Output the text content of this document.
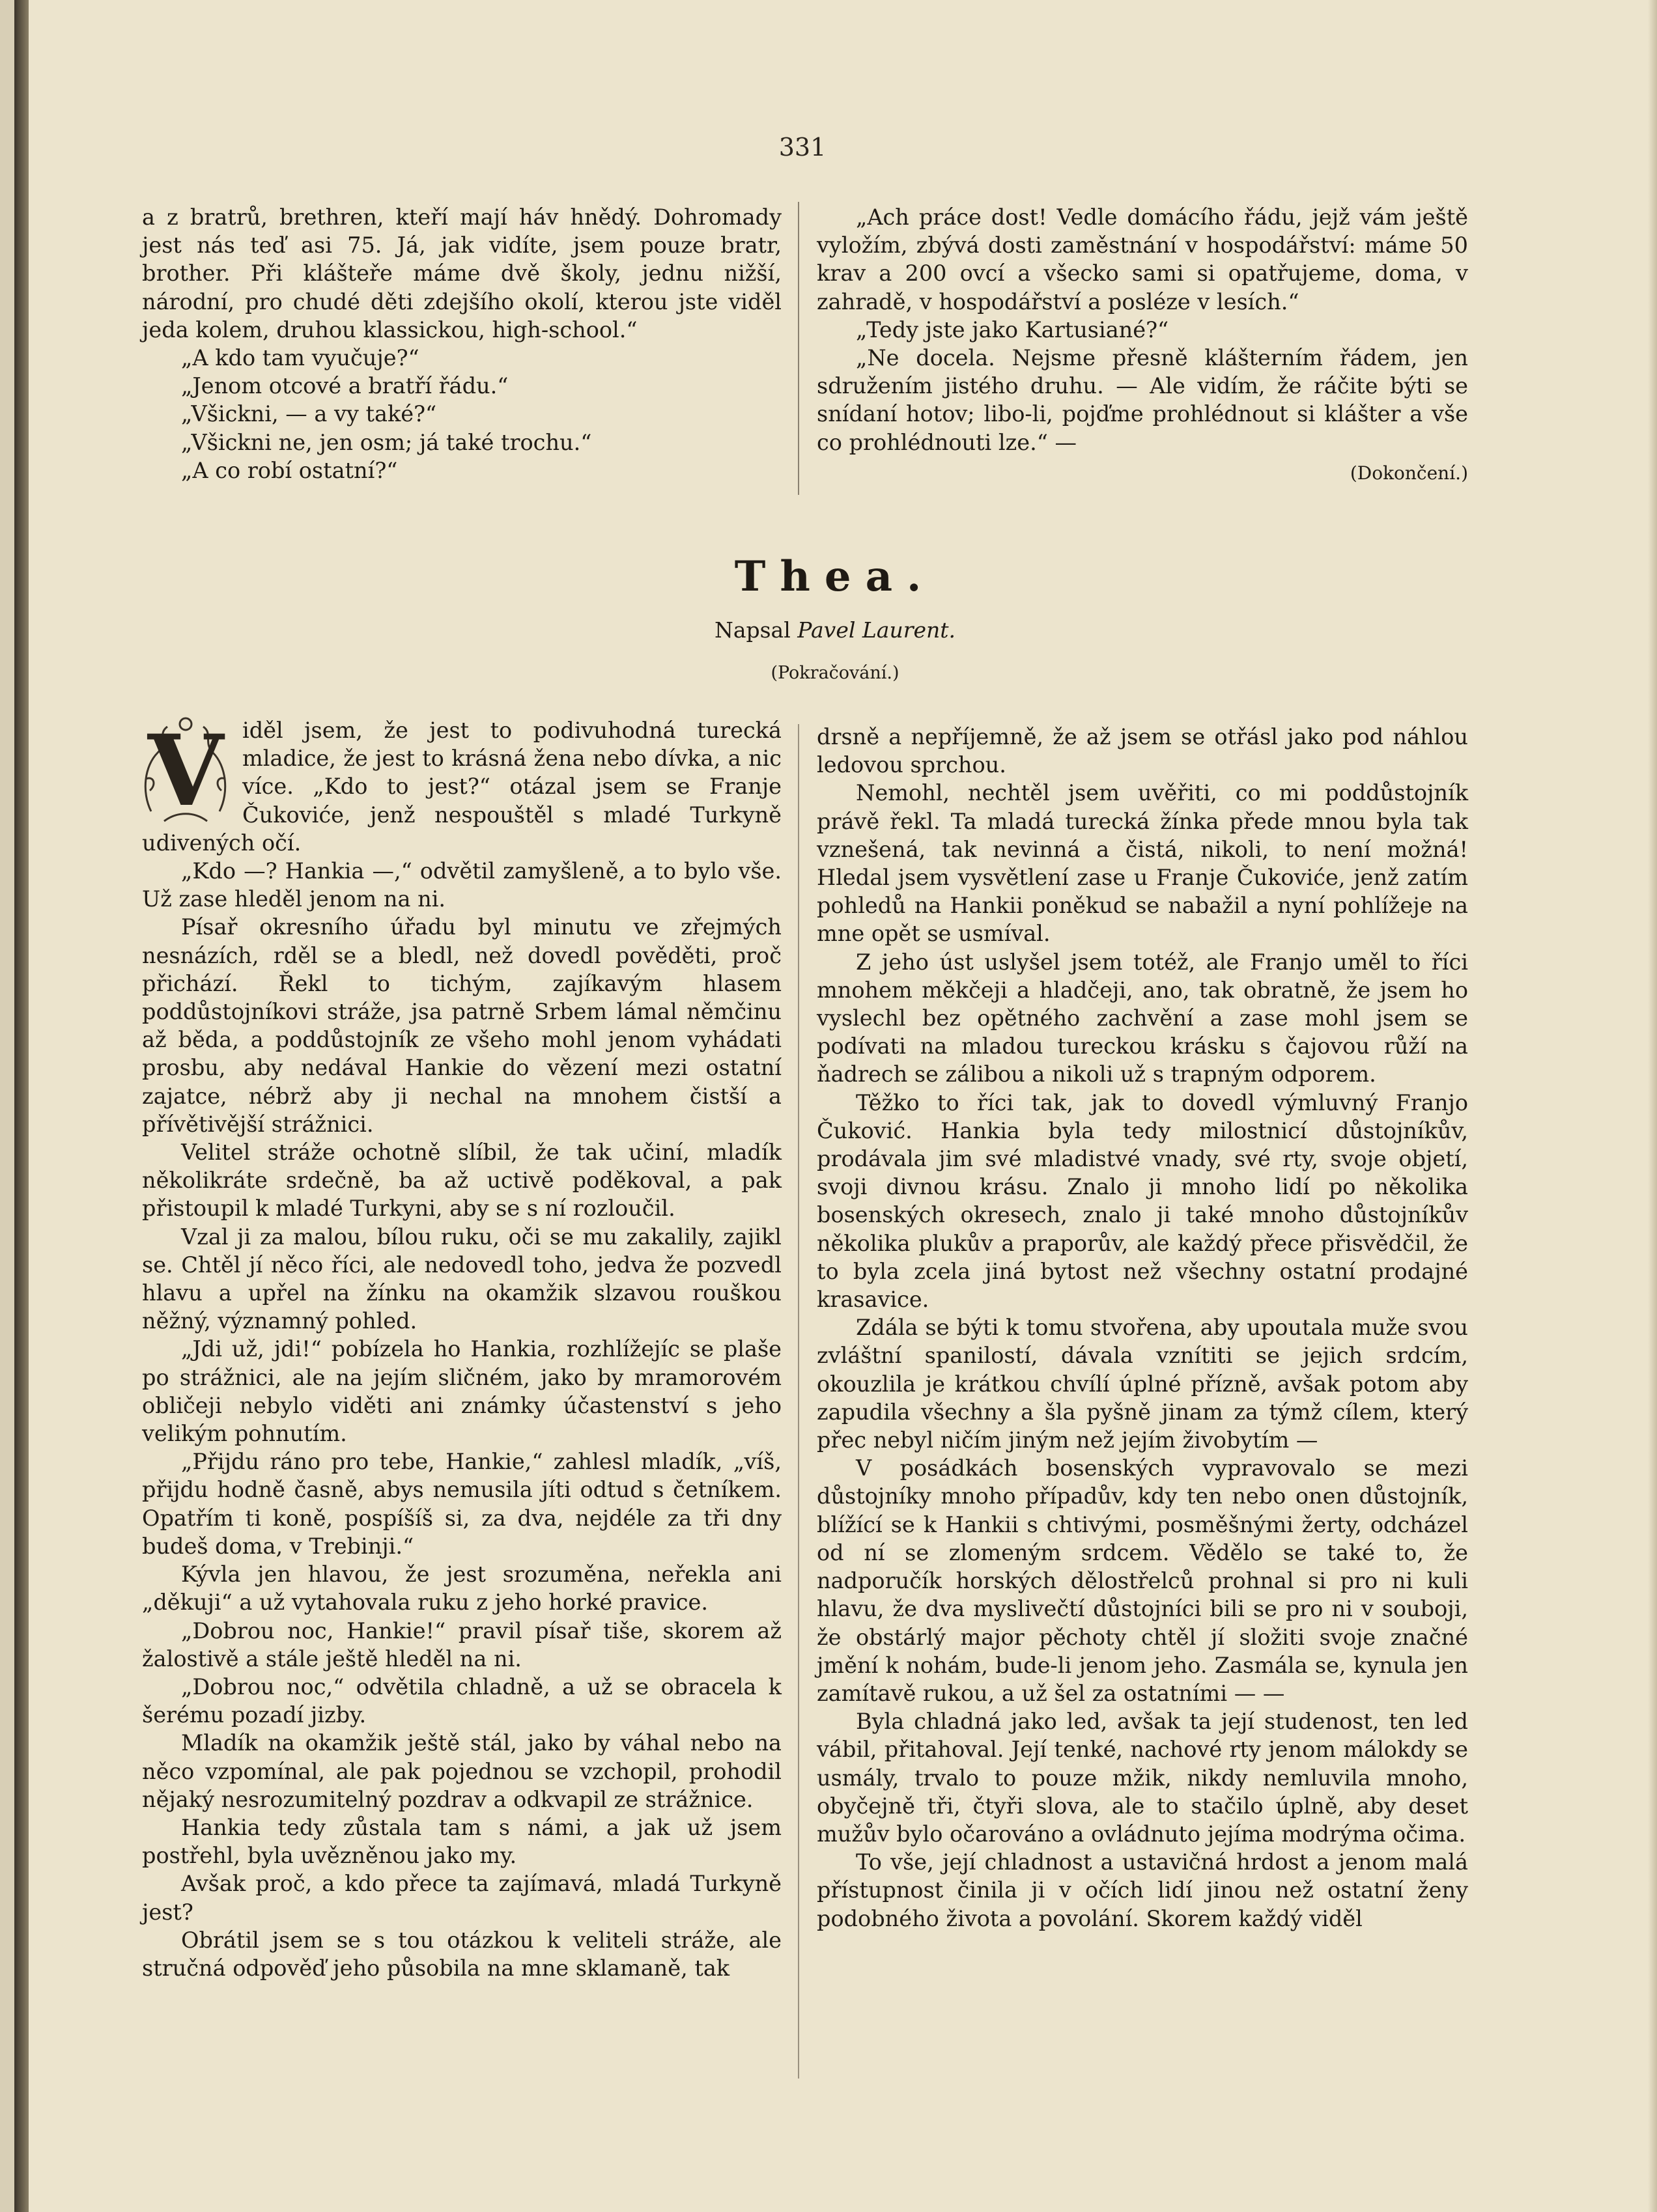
331

a z bratrů, brethren, kteří mají háv hnědý. Dohromady jest nás teď asi 75. Já, jak vidíte, jsem pouze bratr, brother. Při klášteře máme dvě školy, jednu nižší, národní, pro chudé děti zdejšího okolí, kterou jste viděl jeda kolem, druhou klassickou, high-school.“

„A kdo tam vyučuje?“

„Jenom otcové a bratří řádu.“

„Všickni, — a vy také?“

„Všickni ne, jen osm; já také trochu.“

„A co robí ostatní?“

„Ach práce dost! Vedle domácího řádu, jejž vám ještě vyložím, zbývá dosti zaměstnání v hospodářství: máme 50 krav a 200 ovcí a všecko sami si opatřujeme, doma, v zahradě, v hospodářství a posléze v lesích.“

„Tedy jste jako Kartusiané?“

„Ne docela. Nejsme přesně klášterním řádem, jen sdružením jistého druhu. — Ale vidím, že ráčite býti se snídaní hotov; libo-li, pojďme prohlédnout si klášter a vše co prohlédnouti lze.“ —

(Dokončení.)

Thea.
Napsal Pavel Laurent.
(Pokračování.)
V iděl jsem, že jest to podivuhodná turecká mladice, že jest to krásná žena nebo dívka, a nic více. „Kdo to jest?“ otázal jsem se Franje Čukoviće, jenž nespouštěl s mladé Turkyně udivených očí.

„Kdo —? Hankia —,“ odvětil zamyšleně, a to bylo vše. Už zase hleděl jenom na ni.

Písař okresního úřadu byl minutu ve zřejmých nesnázích, rděl se a bledl, než dovedl pověděti, proč přichází. Řekl to tichým, zajíkavým hlasem poddůstojníkovi stráže, jsa patrně Srbem lámal němčinu až běda, a poddůstojník ze všeho mohl jenom vyhádati prosbu, aby nedával Hankie do vězení mezi ostatní zajatce, nébrž aby ji nechal na mnohem čistší a přívětivější strážnici.

Velitel stráže ochotně slíbil, že tak učiní, mladík několikráte srdečně, ba až uctivě poděkoval, a pak přistoupil k mladé Turkyni, aby se s ní rozloučil.

Vzal ji za malou, bílou ruku, oči se mu zakalily, zajikl se. Chtěl jí něco říci, ale nedovedl toho, jedva že pozvedl hlavu a upřel na žínku na okamžik slzavou rouškou něžný, významný pohled.

„Jdi už, jdi!“ pobízela ho Hankia, rozhlížejíc se plaše po strážnici, ale na jejím sličném, jako by mramorovém obličeji nebylo viděti ani známky účastenství s jeho velikým pohnutím.

„Přijdu ráno pro tebe, Hankie,“ zahlesl mladík, „víš, přijdu hodně časně, abys nemusila jíti odtud s četníkem. Opatřím ti koně, pospíšíš si, za dva, nejdéle za tři dny budeš doma, v Trebinji.“

Kývla jen hlavou, že jest srozuměna, neřekla ani „děkuji“ a už vytahovala ruku z jeho horké pravice.

„Dobrou noc, Hankie!“ pravil písař tiše, skorem až žalostivě a stále ještě hleděl na ni.

„Dobrou noc,“ odvětila chladně, a už se obracela k šerému pozadí jizby.

Mladík na okamžik ještě stál, jako by váhal nebo na něco vzpomínal, ale pak pojednou se vzchopil, prohodil nějaký nesrozumitelný pozdrav a odkvapil ze strážnice.

Hankia tedy zůstala tam s námi, a jak už jsem postřehl, byla uvězněnou jako my.

Avšak proč, a kdo přece ta zajímavá, mladá Turkyně jest?

Obrátil jsem se s tou otázkou k veliteli stráže, ale stručná odpověď jeho působila na mne sklamaně, tak

drsně a nepříjemně, že až jsem se otřásl jako pod náhlou ledovou sprchou.

Nemohl, nechtěl jsem uvěřiti, co mi poddůstojník právě řekl. Ta mladá turecká žínka přede mnou byla tak vznešená, tak nevinná a čistá, nikoli, to není možná! Hledal jsem vysvětlení zase u Franje Čukoviće, jenž zatím pohledů na Hankii poněkud se nabažil a nyní pohlížeje na mne opět se usmíval.

Z jeho úst uslyšel jsem totéž, ale Franjo uměl to říci mnohem měkčeji a hladčeji, ano, tak obratně, že jsem ho vyslechl bez opětného zachvění a zase mohl jsem se podívati na mladou tureckou krásku s čajovou růží na ňadrech se zálibou a nikoli už s trapným odporem.

Těžko to říci tak, jak to dovedl výmluvný Franjo Čuković. Hankia byla tedy milostnicí důstojníkův, prodávala jim své mladistvé vnady, své rty, svoje objetí, svoji divnou krásu. Znalo ji mnoho lidí po několika bosenských okresech, znalo ji také mnoho důstojníkův několika plukův a praporův, ale každý přece přisvědčil, že to byla zcela jiná bytost než všechny ostatní prodajné krasavice.

Zdála se býti k tomu stvořena, aby upoutala muže svou zvláštní spanilostí, dávala vznítiti se jejich srdcím, okouzlila je krátkou chvílí úplné přízně, avšak potom aby zapudila všechny a šla pyšně jinam za týmž cílem, který přec nebyl ničím jiným než jejím živobytím —

V posádkách bosenských vypravovalo se mezi důstojníky mnoho případův, kdy ten nebo onen důstojník, blížící se k Hankii s chtivými, posměšnými žerty, odcházel od ní se zlomeným srdcem. Vědělo se také to, že nadporučík horských dělostřelců prohnal si pro ni kuli hlavu, že dva myslivečtí důstojníci bili se pro ni v souboji, že obstárlý major pěchoty chtěl jí složiti svoje značné jmění k nohám, bude-li jenom jeho. Zasmála se, kynula jen zamítavě rukou, a už šel za ostatními — —

Byla chladná jako led, avšak ta její studenost, ten led vábil, přitahoval. Její tenké, nachové rty jenom málokdy se usmály, trvalo to pouze mžik, nikdy nemluvila mnoho, obyčejně tři, čtyři slova, ale to stačilo úplně, aby deset mužův bylo očarováno a ovládnuto jejíma modrýma očima.

To vše, její chladnost a ustavičná hrdost a jenom malá přístupnost činila ji v očích lidí jinou než ostatní ženy podobného života a povolání. Skorem každý viděl
